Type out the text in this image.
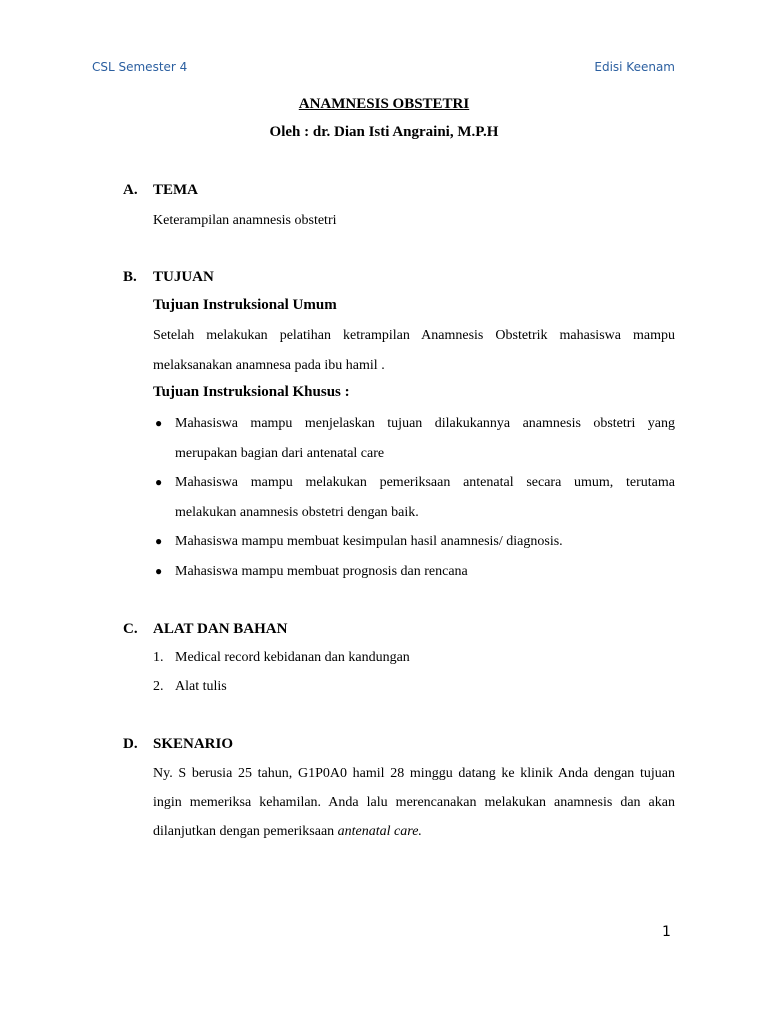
CSL Semester 4	Edisi Keenam
ANAMNESIS OBSTETRI
Oleh : dr. Dian Isti Angraini, M.P.H
A. TEMA
Keterampilan anamnesis obstetri
B. TUJUAN
Tujuan Instruksional Umum
Setelah melakukan pelatihan ketrampilan Anamnesis Obstetrik mahasiswa mampu melaksanakan anamnesa pada ibu hamil .
Tujuan Instruksional Khusus :
● Mahasiswa mampu menjelaskan tujuan dilakukannya anamnesis obstetri yang merupakan bagian dari antenatal care
● Mahasiswa mampu melakukan pemeriksaan antenatal secara umum, terutama melakukan anamnesis obstetri dengan baik.
● Mahasiswa mampu membuat kesimpulan hasil anamnesis/ diagnosis.
● Mahasiswa mampu membuat prognosis dan rencana
C. ALAT DAN BAHAN
1. Medical record kebidanan dan kandungan
2. Alat tulis
D. SKENARIO
Ny. S berusia 25 tahun, G1P0A0 hamil 28 minggu datang ke klinik Anda dengan tujuan ingin memeriksa kehamilan. Anda lalu merencanakan melakukan anamnesis dan akan dilanjutkan dengan pemeriksaan antenatal care.
1
